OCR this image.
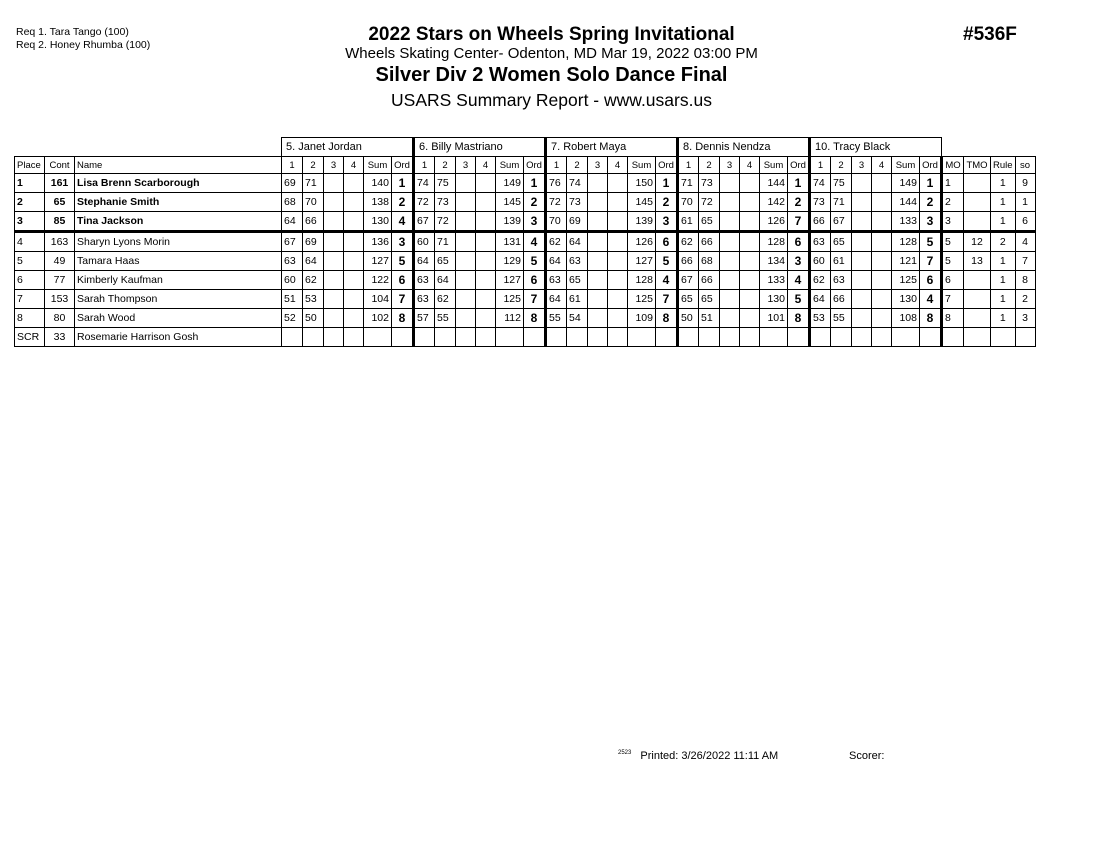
Req 1. Tara Tango (100)
Req 2. Honey Rhumba (100)	2022 Stars on Wheels Spring Invitational
Wheels Skating Center- Odenton, MD Mar 19, 2022 03:00 PM
Silver Div 2 Women Solo Dance Final
USARS Summary Report - www.usars.us
#536F
			5. Janet Jordan						6. Billy Mastriano						7. Robert Maya						8. Dennis Nendza						10. Tracy Black									
Place	Cont	Name	1	2	3	4	Sum	Ord	1	2	3	4	Sum	Ord	1	2	3	4	Sum	Ord	1	2	3	4	Sum	Ord	1	2	3	4	Sum	Ord	MO	TMO	Rule	so
1	161	Lisa Brenn Scarborough	69	71			140	1	74	75			149	1	76	74			150	1	71	73			144	1	74	75			149	1	1		1	9
2	65	Stephanie Smith	68	70			138	2	72	73			145	2	72	73			145	2	70	72			142	2	73	71			144	2	2		1	1
3	85	Tina Jackson	64	66			130	4	67	72			139	3	70	69			139	3	61	65			126	7	66	67			133	3	3		1	6
4	163	Sharyn Lyons Morin	67	69			136	3	60	71			131	4	62	64			126	6	62	66			128	6	63	65			128	5	5	12	2	4
5	49	Tamara Haas	63	64			127	5	64	65			129	5	64	63			127	5	66	68			134	3	60	61			121	7	5	13	1	7
6	77	Kimberly Kaufman	60	62			122	6	63	64			127	6	63	65			128	4	67	66			133	4	62	63			125	6	6		1	8
7	153	Sarah Thompson	51	53			104	7	63	62			125	7	64	61			125	7	65	65			130	5	64	66			130	4	7		1	2
8	80	Sarah Wood	52	50			102	8	57	55			112	8	55	54			109	8	50	51			101	8	53	55			108	8	8		1	3
SCR	33	Rosemarie Harrison Gosh																																		
$^{2523}$ Printed: 3/26/2022 11:11 AM	Scorer:
